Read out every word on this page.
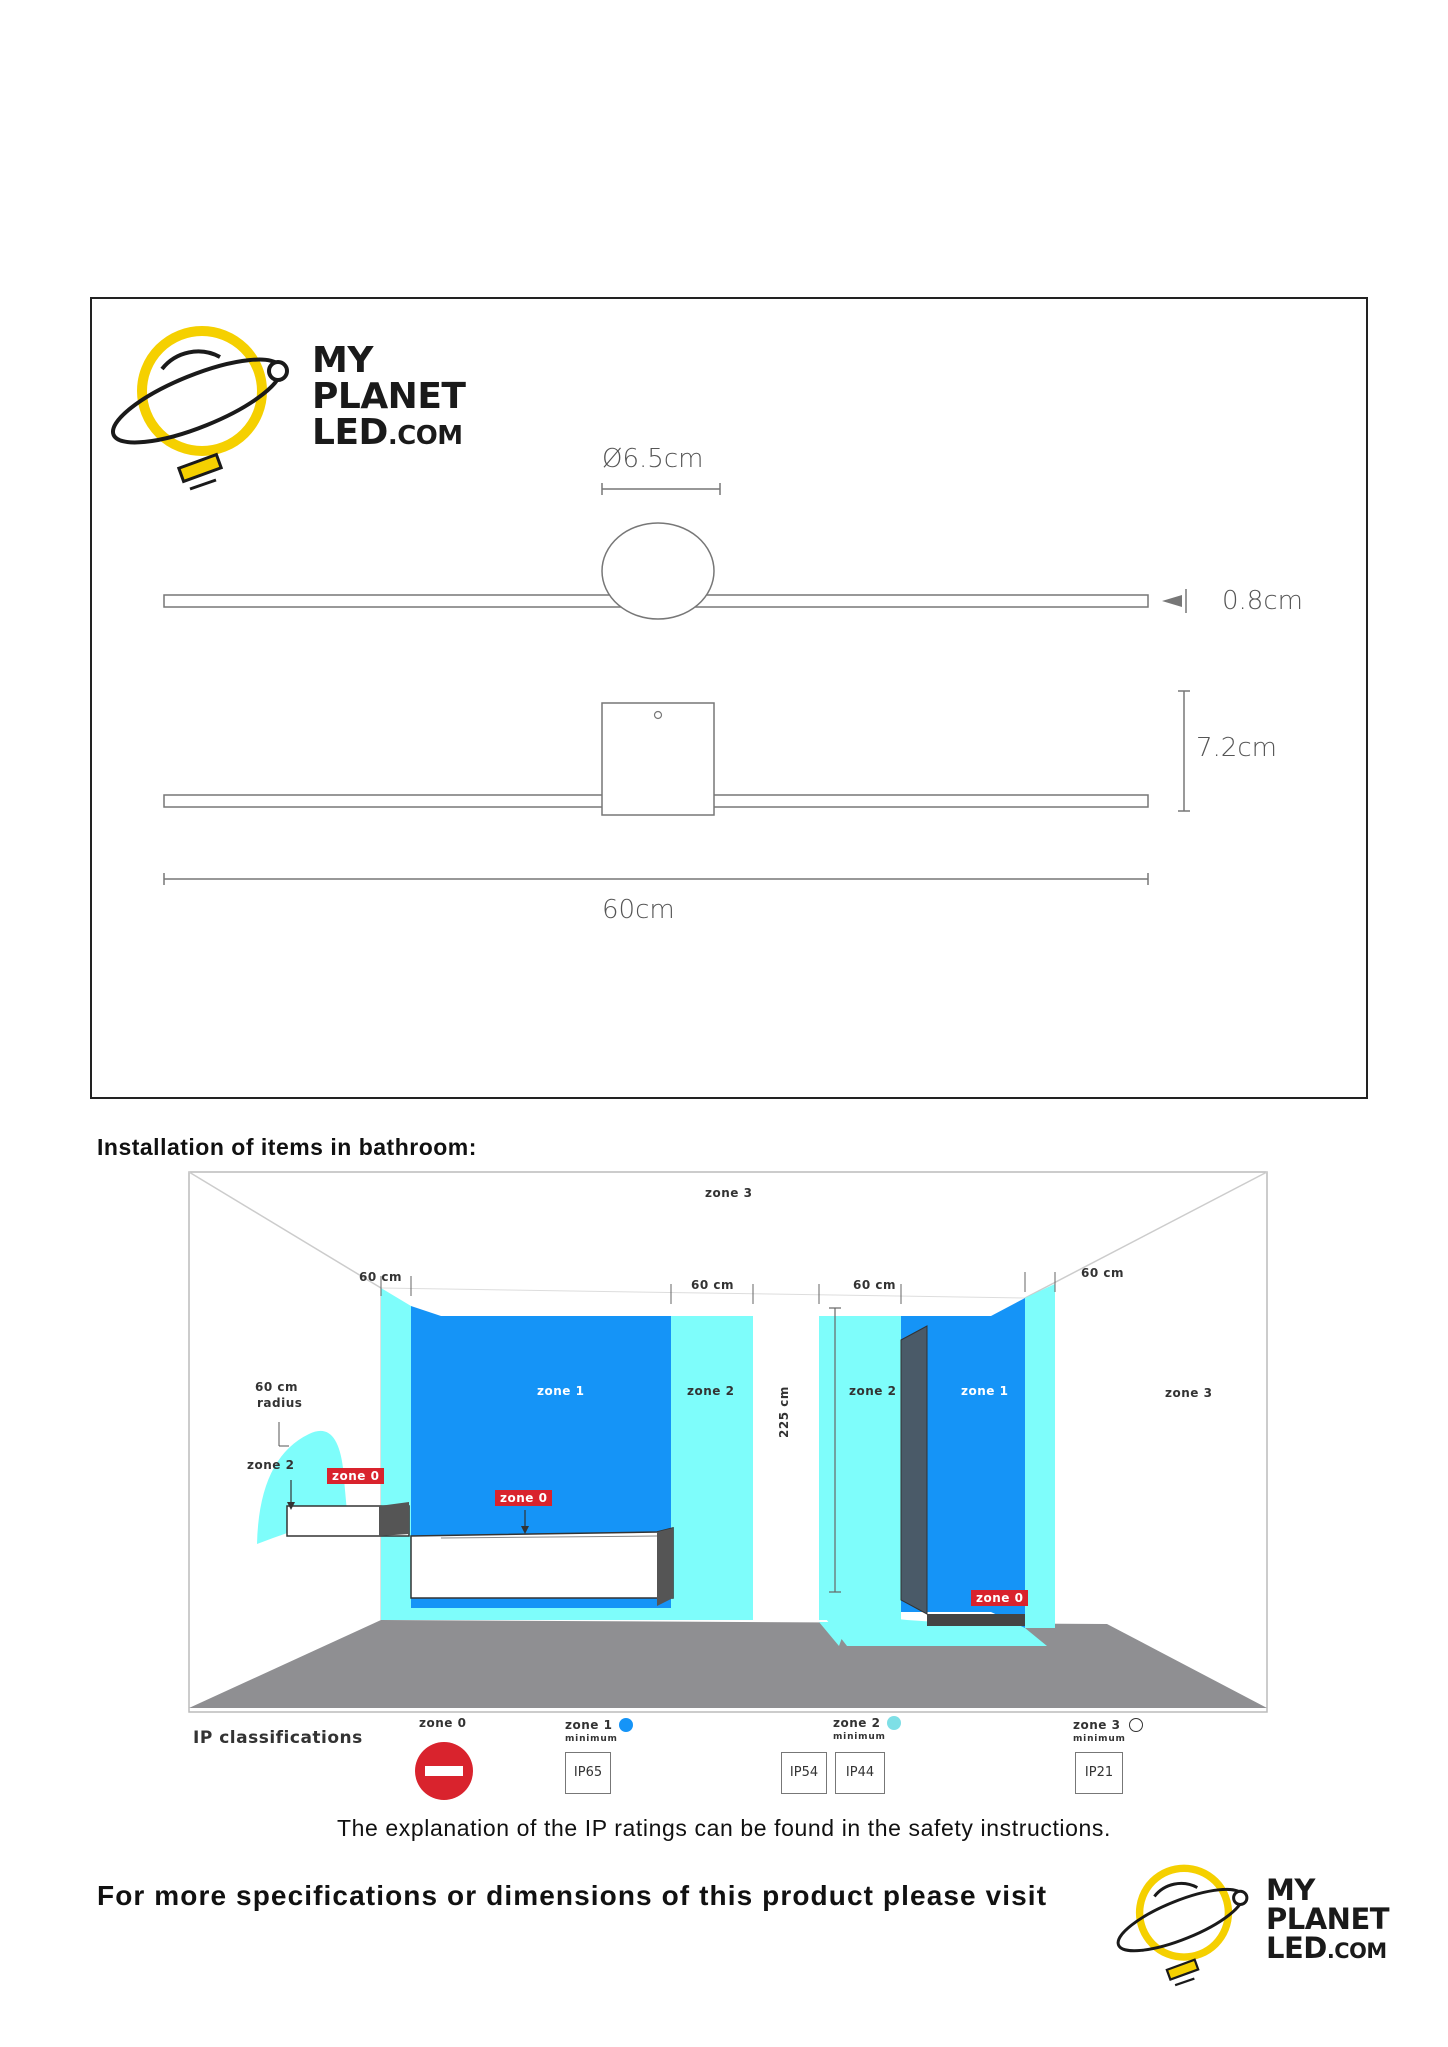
MY
PLANET
LED.COM
Ø6.5cm
0.8cm
7.2cm
60cm
Installation of items in bathroom:
zone 3
zone 3
60 cm
60 cm	60 cm
60 cm
60 cm
radius
zone 2
zone 1	zone 2	zone 2	zone 1
225 cm
zone 0
zone 0
zone 0
IP classifications
zone 0	zone 1
minimum
IP65
zone 2
minimum
IP54	IP44
zone 3
minimum
IP21
The explanation of the IP ratings can be found in the safety instructions.
For more specifications or dimensions of this product please visit	MY
PLANET
LED.COM
